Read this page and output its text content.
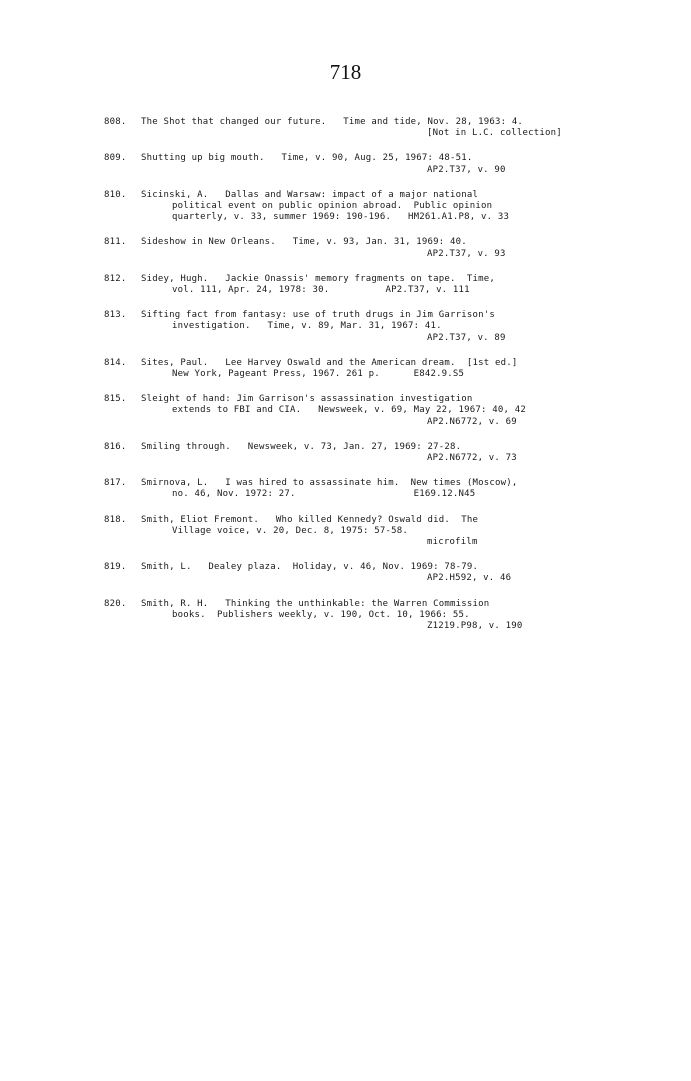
718
808.	The Shot that changed our future.   Time and tide, Nov. 28, 1963: 4.
[Not in L.C. collection]
809.	Shutting up big mouth.   Time, v. 90, Aug. 25, 1967: 48-51.
AP2.T37, v. 90
810.	Sicinski, A.   Dallas and Warsaw: impact of a major national
political event on public opinion abroad.  Public opinion
quarterly, v. 33, summer 1969: 190-196.   HM261.A1.P8, v. 33
811.	Sideshow in New Orleans.   Time, v. 93, Jan. 31, 1969: 40.
AP2.T37, v. 93
812.	Sidey, Hugh.   Jackie Onassis' memory fragments on tape.  Time,
vol. 111, Apr. 24, 1978: 30.          AP2.T37, v. 111
813.	Sifting fact from fantasy: use of truth drugs in Jim Garrison's
investigation.   Time, v. 89, Mar. 31, 1967: 41.
AP2.T37, v. 89
814.	Sites, Paul.   Lee Harvey Oswald and the American dream.  [1st ed.]
New York, Pageant Press, 1967. 261 p.      E842.9.S5
815.	Sleight of hand: Jim Garrison's assassination investigation
extends to FBI and CIA.   Newsweek, v. 69, May 22, 1967: 40, 42
AP2.N6772, v. 69
816.	Smiling through.   Newsweek, v. 73, Jan. 27, 1969: 27-28.
AP2.N6772, v. 73
817.	Smirnova, L.   I was hired to assassinate him.  New times (Moscow),
no. 46, Nov. 1972: 27.                     E169.12.N45
818.	Smith, Eliot Fremont.   Who killed Kennedy? Oswald did.  The
Village voice, v. 20, Dec. 8, 1975: 57-58.
microfilm
819.	Smith, L.   Dealey plaza.  Holiday, v. 46, Nov. 1969: 78-79.
AP2.H592, v. 46
820.	Smith, R. H.   Thinking the unthinkable: the Warren Commission
books.  Publishers weekly, v. 190, Oct. 10, 1966: 55.
Z1219.P98, v. 190
